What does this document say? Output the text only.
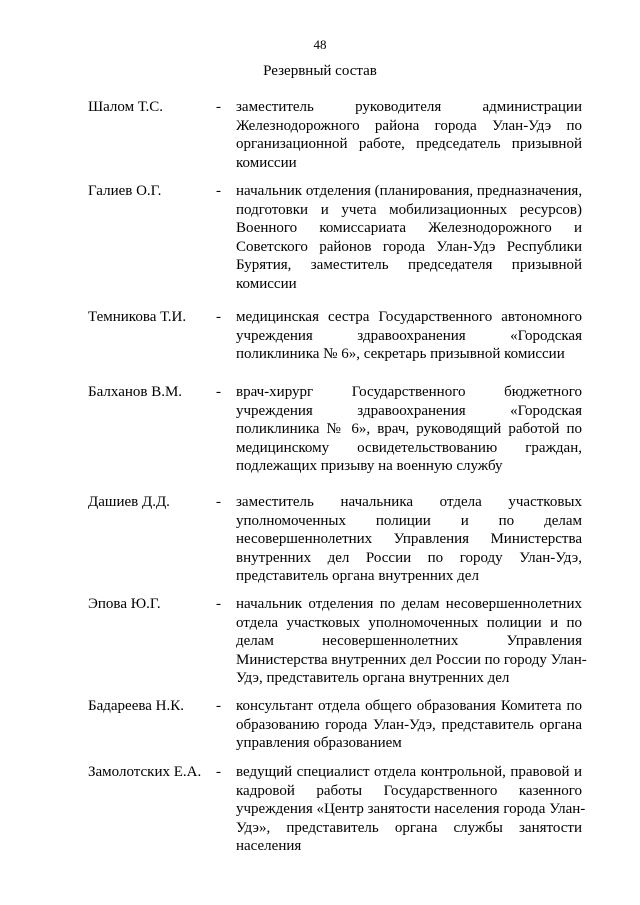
48
Резервный состав
Шалом Т.С.	- заместитель руководителя администрации
Железнодорожного района города Улан-Удэ по
организационной работе, председатель призывной
комиссии
Галиев О.Г.	- начальник отделения (планирования, предназначения,
подготовки и учета мобилизационных ресурсов)
Военного комиссариата Железнодорожного и
Советского районов города Улан-Удэ Республики
Бурятия, заместитель председателя призывной
комиссии
Темникова Т.И. - медицинская сестра Государственного автономного
учреждения здравоохранения «Городская
поликлиника № 6», секретарь призывной комиссии
Балханов В.М. - врач-хирург Государственного бюджетного
учреждения здравоохранения «Городская
поликлиника № 6», врач, руководящий работой по
медицинскому освидетельствованию граждан,
подлежащих призыву на военную службу
Дашиев Д.Д.	- заместитель начальника отдела участковых
уполномоченных полиции и по делам
несовершеннолетних Управления Министерства
внутренних дел России по городу Улан-Удэ,
представитель органа внутренних дел
Эпова Ю.Г.	- начальник отделения по делам несовершеннолетних
отдела участковых уполномоченных полиции и по
делам несовершеннолетних Управления
Министерства внутренних дел России по городу Улан-
Удэ, представитель органа внутренних дел
Бадареева Н.К. - консультант отдела общего образования Комитета по
образованию города Улан-Удэ, представитель органа
управления образованием
Замолотских Е.А. - ведущий специалист отдела контрольной, правовой и
кадровой работы Государственного казенного
учреждения «Центр занятости населения города Улан-
Удэ», представитель органа службы занятости
населения
